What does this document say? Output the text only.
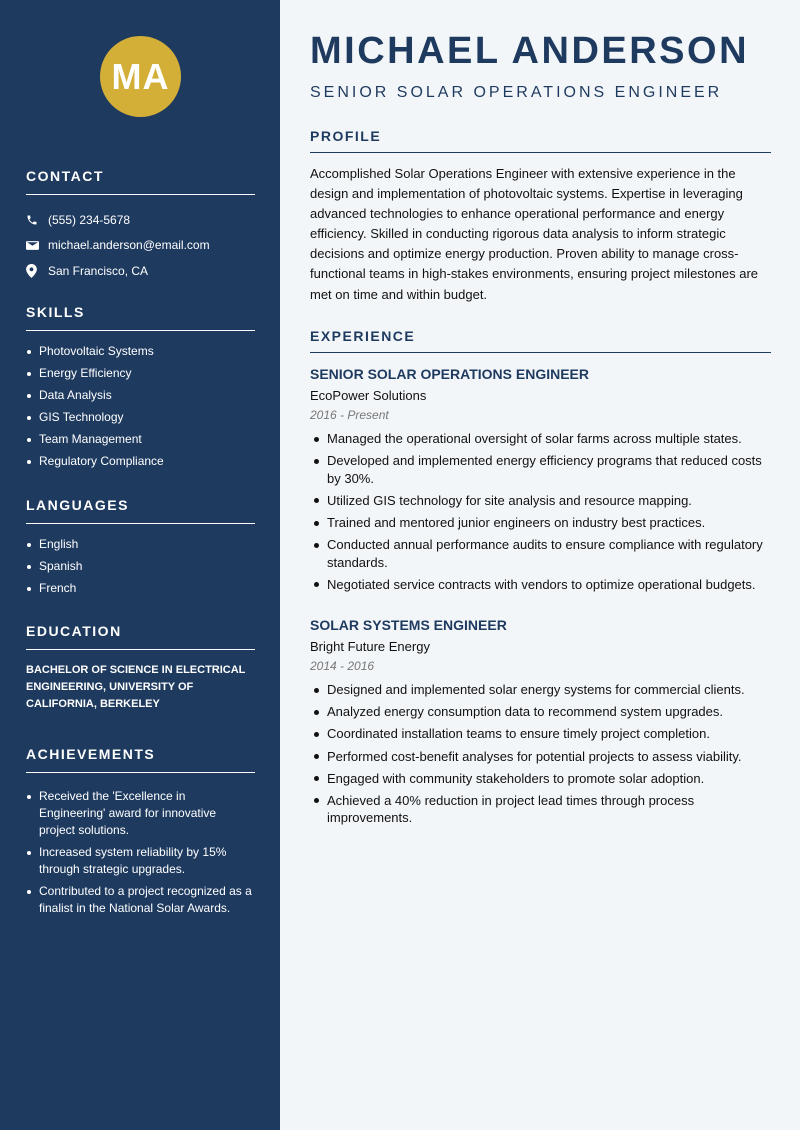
MA
CONTACT
(555) 234-5678
michael.anderson@email.com
San Francisco, CA
SKILLS
Photovoltaic Systems
Energy Efficiency
Data Analysis
GIS Technology
Team Management
Regulatory Compliance
LANGUAGES
English
Spanish
French
EDUCATION
BACHELOR OF SCIENCE IN ELECTRICAL ENGINEERING, UNIVERSITY OF CALIFORNIA, BERKELEY
ACHIEVEMENTS
Received the 'Excellence in Engineering' award for innovative project solutions.
Increased system reliability by 15% through strategic upgrades.
Contributed to a project recognized as a finalist in the National Solar Awards.
MICHAEL ANDERSON
SENIOR SOLAR OPERATIONS ENGINEER
PROFILE
Accomplished Solar Operations Engineer with extensive experience in the design and implementation of photovoltaic systems. Expertise in leveraging advanced technologies to enhance operational performance and energy efficiency. Skilled in conducting rigorous data analysis to inform strategic decisions and optimize energy production. Proven ability to manage cross-functional teams in high-stakes environments, ensuring project milestones are met on time and within budget.
EXPERIENCE
SENIOR SOLAR OPERATIONS ENGINEER
EcoPower Solutions
2016 - Present
Managed the operational oversight of solar farms across multiple states.
Developed and implemented energy efficiency programs that reduced costs by 30%.
Utilized GIS technology for site analysis and resource mapping.
Trained and mentored junior engineers on industry best practices.
Conducted annual performance audits to ensure compliance with regulatory standards.
Negotiated service contracts with vendors to optimize operational budgets.
SOLAR SYSTEMS ENGINEER
Bright Future Energy
2014 - 2016
Designed and implemented solar energy systems for commercial clients.
Analyzed energy consumption data to recommend system upgrades.
Coordinated installation teams to ensure timely project completion.
Performed cost-benefit analyses for potential projects to assess viability.
Engaged with community stakeholders to promote solar adoption.
Achieved a 40% reduction in project lead times through process improvements.
